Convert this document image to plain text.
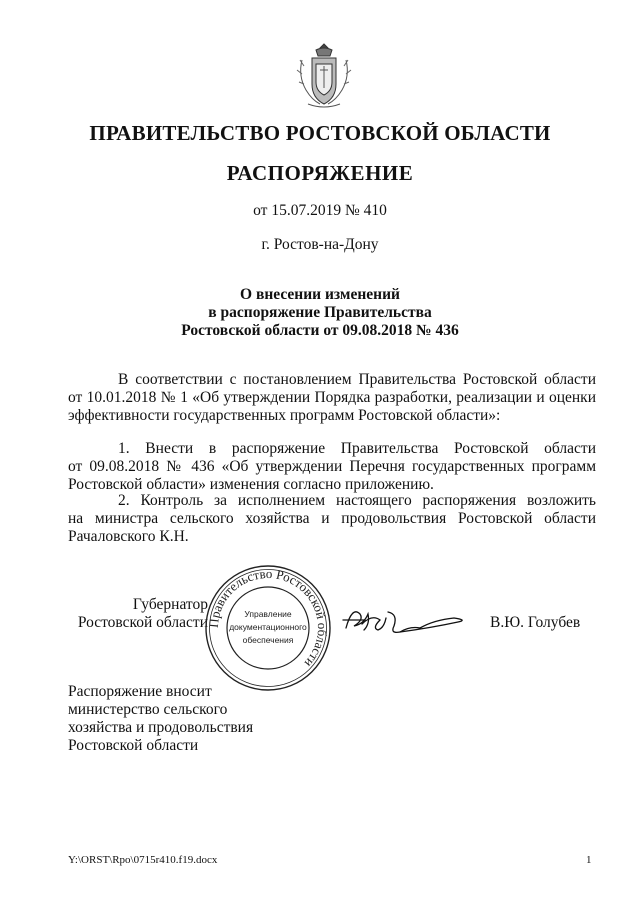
ПРАВИТЕЛЬСТВО РОСТОВСКОЙ ОБЛАСТИ
РАСПОРЯЖЕНИЕ
от 15.07.2019 № 410
г. Ростов-на-Дону
О внесении изменений
в распоряжение Правительства
Ростовской области от 09.08.2018 № 436
В соответствии с постановлением Правительства Ростовской области
от 10.01.2018 № 1 «Об утверждении Порядка разработки, реализации и оценки
эффективности государственных программ Ростовской области»:
1. Внести в распоряжение Правительства Ростовской области
от 09.08.2018 № 436 «Об утверждении Перечня государственных программ
Ростовской области» изменения согласно приложению.
2. Контроль за исполнением настоящего распоряжения возложить
на министра сельского хозяйства и продовольствия Ростовской области
Рачаловского К.Н.
Губернатор
Ростовской области
Правительство Ростовской области
Управление
документационного
обеспечения
В.Ю. Голубев
Распоряжение вносит
министерство сельского
хозяйства и продовольствия
Ростовской области
Y:\ORST\Rpo\0715r410.f19.docx	1
